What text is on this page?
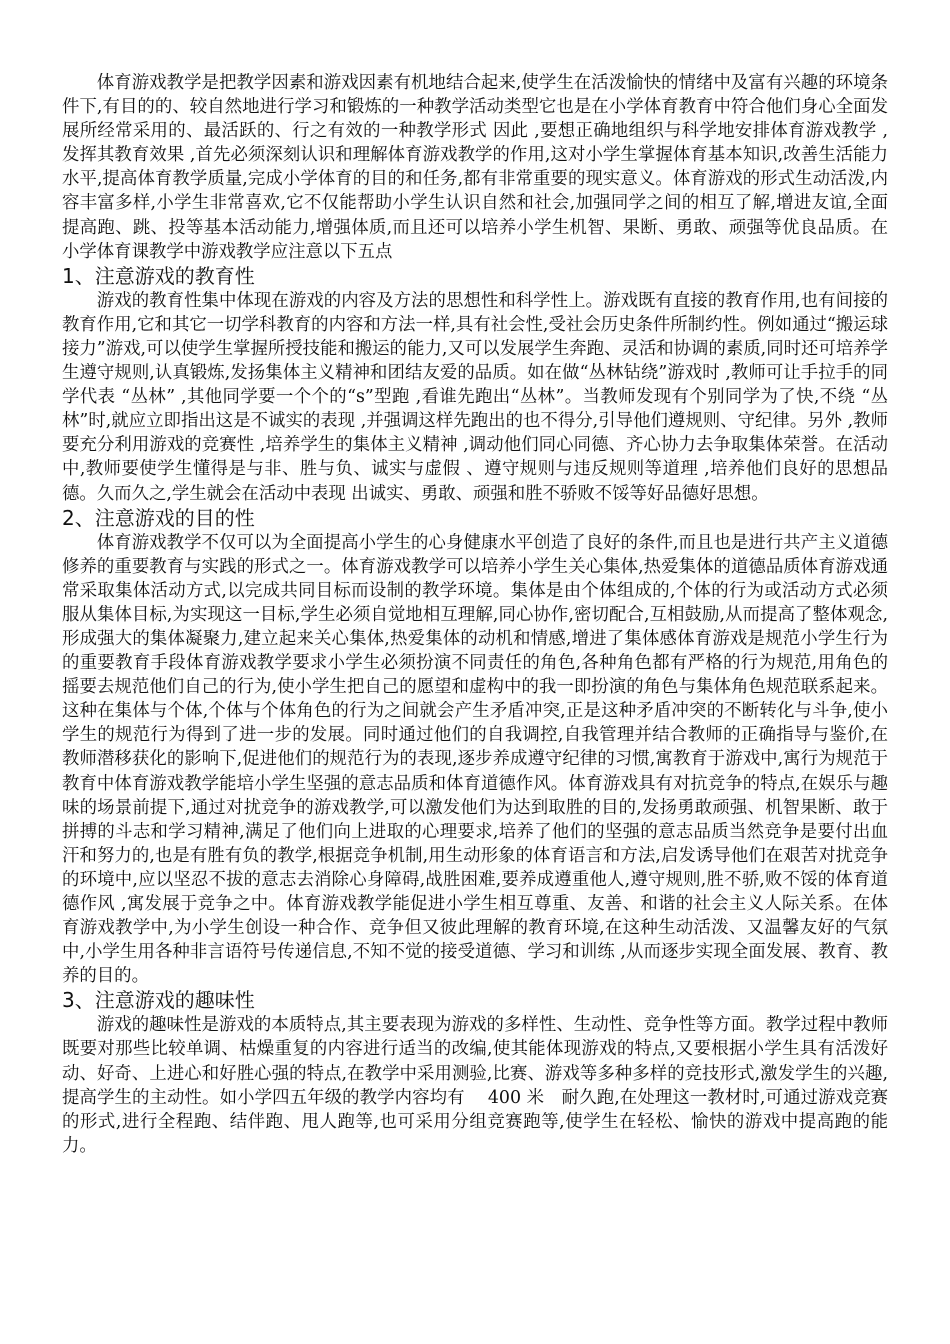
体育游戏教学是把教学因素和游戏因素有机地结合起来,使学生在活泼愉快的情绪中及富有兴趣的环境条件下,有目的的、较自然地进行学习和锻炼的一种教学活动类型它也是在小学体育教育中符合他们身心全面发展所经常采用的、最活跃的、行之有效的一种教学形式 因此 ,要想正确地组织与科学地安排体育游戏教学 ,发挥其教育效果 ,首先必须深刻认识和理解体育游戏教学的作用,这对小学生掌握体育基本知识,改善生活能力水平,提高体育教学质量,完成小学体育的目的和任务,都有非常重要的现实意义。体育游戏的形式生动活泼,内容丰富多样,小学生非常喜欢,它不仅能帮助小学生认识自然和社会,加强同学之间的相互了解,增进友谊,全面提高跑、跳、投等基本活动能力,增强体质,而且还可以培养小学生机智、果断、勇敢、顽强等优良品质。在小学体育课教学中游戏教学应注意以下五点

1、注意游戏的教育性

游戏的教育性集中体现在游戏的内容及方法的思想性和科学性上。游戏既有直接的教育作用,也有间接的教育作用,它和其它一切学科教育的内容和方法一样,具有社会性,受社会历史条件所制约性。例如通过“搬运球接力”游戏,可以使学生掌握所授技能和搬运的能力,又可以发展学生奔跑、灵活和协调的素质,同时还可培养学生遵守规则,认真锻炼,发扬集体主义精神和团结友爱的品质。如在做“丛林钻绕”游戏时 ,教师可让手拉手的同学代表 “丛林” ,其他同学要一个个的“s”型跑 ,看谁先跑出“丛林”。当教师发现有个别同学为了快,不绕 “丛林”时,就应立即指出这是不诚实的表现 ,并强调这样先跑出的也不得分,引导他们遵规则、守纪律。另外 ,教师要充分利用游戏的竞赛性 ,培养学生的集体主义精神 ,调动他们同心同德、齐心协力去争取集体荣誉。在活动中,教师要使学生懂得是与非、胜与负、诚实与虚假 、遵守规则与违反规则等道理 ,培养他们良好的思想品德。久而久之,学生就会在活动中表现 出诚实、勇敢、顽强和胜不骄败不馁等好品德好思想。

2、注意游戏的目的性

体育游戏教学不仅可以为全面提高小学生的心身健康水平创造了良好的条件,而且也是进行共产主义道德修养的重要教育与实践的形式之一。体育游戏教学可以培养小学生关心集体,热爱集体的道德品质体育游戏通常采取集体活动方式,以完成共同目标而设制的教学环境。集体是由个体组成的,个体的行为或活动方式必须服从集体目标,为实现这一目标,学生必须自觉地相互理解,同心协作,密切配合,互相鼓励,从而提高了整体观念,形成强大的集体凝聚力,建立起来关心集体,热爱集体的动机和情感,增进了集体感体育游戏是规范小学生行为的重要教育手段体育游戏教学要求小学生必须扮演不同责任的角色,各种角色都有严格的行为规范,用角色的摇要去规范他们自己的行为,使小学生把自己的愿望和虚构中的我一即扮演的角色与集体角色规范联系起来。这种在集体与个体,个体与个体角色的行为之间就会产生矛盾冲突,正是这种矛盾冲突的不断转化与斗争,使小学生的规范行为得到了进一步的发展。同时通过他们的自我调控,自我管理并结合教师的正确指导与鉴价,在教师潜移获化的影响下,促进他们的规范行为的表现,逐步养成遵守纪律的习惯,寓教育于游戏中,寓行为规范于教育中体育游戏教学能培小学生坚强的意志品质和体育道德作风。体育游戏具有对抗竞争的特点,在娱乐与趣味的场景前提下,通过对扰竞争的游戏教学,可以激发他们为达到取胜的目的,发扬勇敢顽强、机智果断、敢于拼搏的斗志和学习精神,满足了他们向上进取的心理要求,培养了他们的坚强的意志品质当然竞争是要付出血汗和努力的,也是有胜有负的教学,根据竞争机制,用生动形象的体育语言和方法,启发诱导他们在艰苦对扰竞争的环境中,应以坚忍不拔的意志去消除心身障碍,战胜困难,要养成遵重他人,遵守规则,胜不骄,败不馁的体育道德作风 ,寓发展于竞争之中。体育游戏教学能促进小学生相互尊重、友善、和谐的社会主义人际关系。在体育游戏教学中,为小学生创设一种合作、竞争但又彼此理解的教育环境,在这种生动活泼、又温馨友好的气氛中,小学生用各种非言语符号传递信息,不知不觉的接受道德、学习和训练 ,从而逐步实现全面发展、教育、教养的目的。

3、注意游戏的趣味性

游戏的趣味性是游戏的本质特点,其主要表现为游戏的多样性、生动性、竞争性等方面。教学过程中教师既要对那些比较单调、枯燥重复的内容进行适当的改编,使其能体现游戏的特点,又要根据小学生具有活泼好动、好奇、上进心和好胜心强的特点,在教学中采用测验,比赛、游戏等多种多样的竞技形式,激发学生的兴趣,提高学生的主动性。如小学四五年级的教学内容均有　 400 米　耐久跑,在处理这一教材时,可通过游戏竞赛的形式,进行全程跑、结伴跑、甩人跑等,也可采用分组竞赛跑等,使学生在轻松、愉快的游戏中提高跑的能力。
